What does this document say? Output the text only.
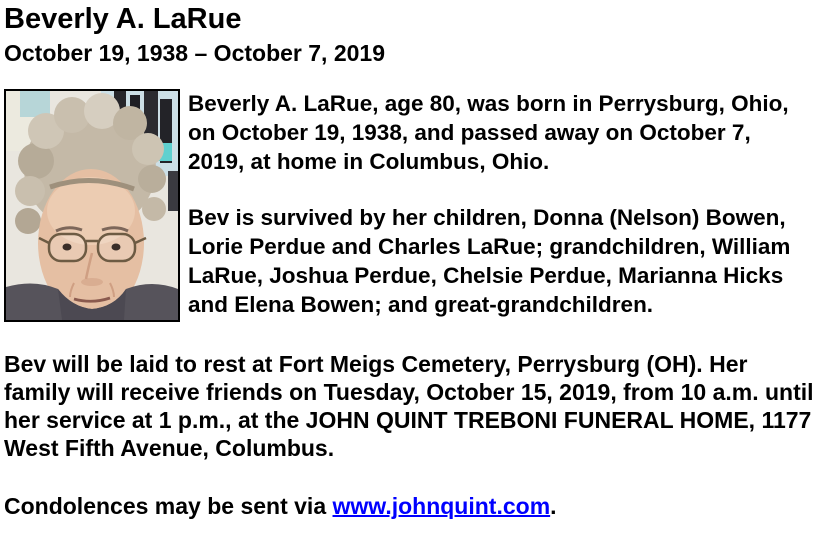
Beverly A. LaRue
October 19, 1938 – October 7, 2019

Beverly A. LaRue, age 80, was born in Perrysburg, Ohio, on October 19, 1938, and passed away on October 7, 2019, at home in Columbus, Ohio.

Bev is survived by her children, Donna (Nelson) Bowen, Lorie Perdue and Charles LaRue; grandchildren, William LaRue, Joshua Perdue, Chelsie Perdue, Marianna Hicks and Elena Bowen; and great-grandchildren.

Bev will be laid to rest at Fort Meigs Cemetery, Perrysburg (OH). Her family will receive friends on Tuesday, October 15, 2019, from 10 a.m. until her service at 1 p.m., at the JOHN QUINT TREBONI FUNERAL HOME, 1177 West Fifth Avenue, Columbus.

Condolences may be sent via www.johnquint.com.
